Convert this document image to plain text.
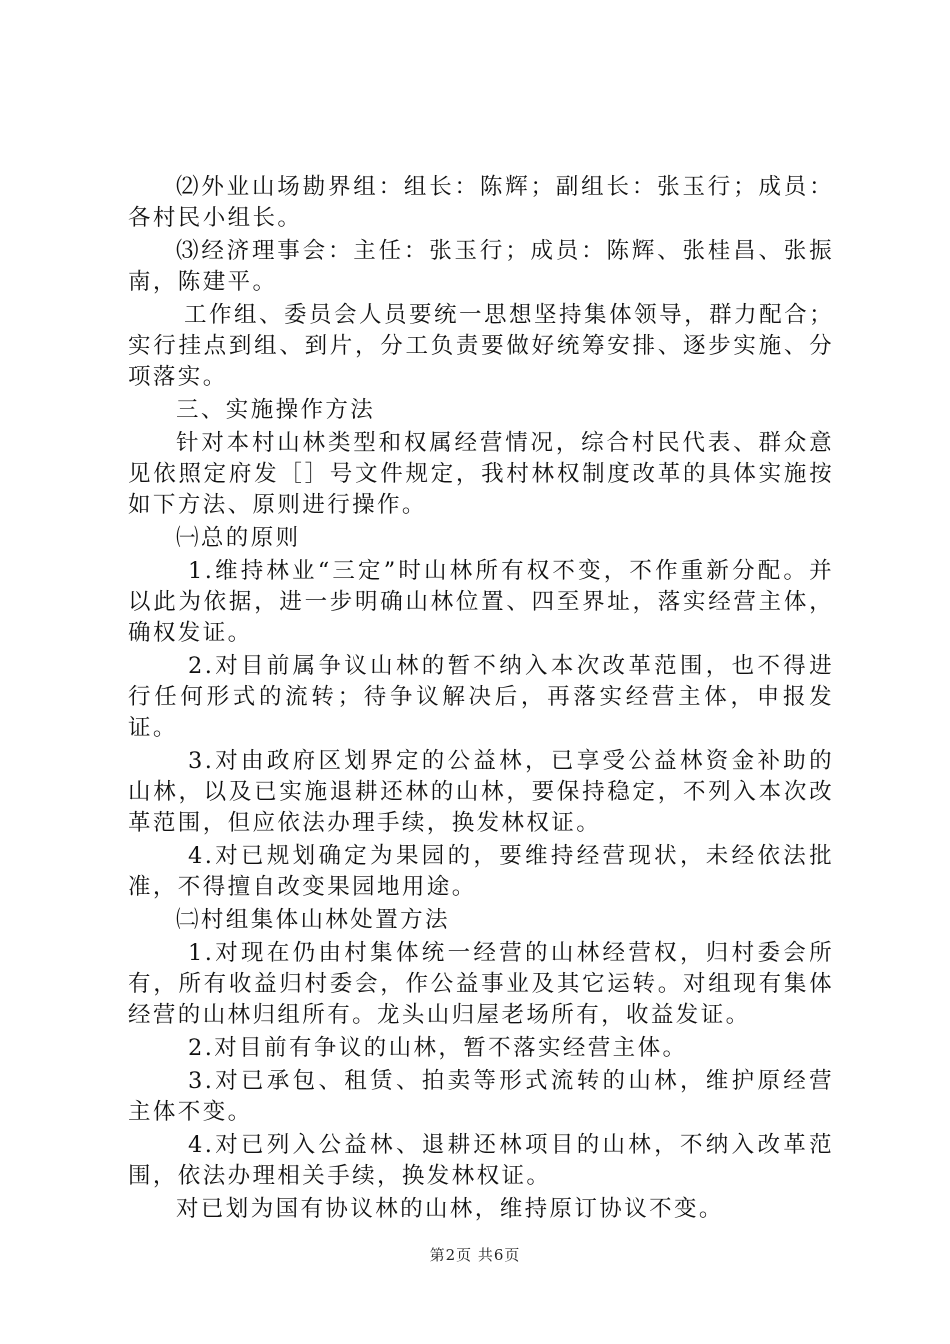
⑵外业山场勘界组：组长：陈辉；副组长：张玉行；成员：各村民小组长。

⑶经济理事会：主任：张玉行；成员：陈辉、张桂昌、张振南，陈建平。

工作组、委员会人员要统一思想坚持集体领导，群力配合；实行挂点到组、到片，分工负责要做好统筹安排、逐步实施、分项落实。

三、实施操作方法

针对本村山林类型和权属经营情况，综合村民代表、群众意见依照定府发［］号文件规定，我村林权制度改革的具体实施按如下方法、原则进行操作。

㈠总的原则

1.维持林业“三定”时山林所有权不变，不作重新分配。并以此为依据，进一步明确山林位置、四至界址，落实经营主体，确权发证。

2.对目前属争议山林的暂不纳入本次改革范围，也不得进行任何形式的流转；待争议解决后，再落实经营主体，申报发证。

3.对由政府区划界定的公益林，已享受公益林资金补助的山林，以及已实施退耕还林的山林，要保持稳定，不列入本次改革范围，但应依法办理手续，换发林权证。

4.对已规划确定为果园的，要维持经营现状，未经依法批准，不得擅自改变果园地用途。

㈡村组集体山林处置方法

1.对现在仍由村集体统一经营的山林经营权，归村委会所有，所有收益归村委会，作公益事业及其它运转。对组现有集体经营的山林归组所有。龙头山归屋老场所有，收益发证。

2.对目前有争议的山林，暂不落实经营主体。

3.对已承包、租赁、拍卖等形式流转的山林，维护原经营主体不变。

4.对已列入公益林、退耕还林项目的山林，不纳入改革范围，依法办理相关手续，换发林权证。

对已划为国有协议林的山林，维持原订协议不变。

第2页 共6页
